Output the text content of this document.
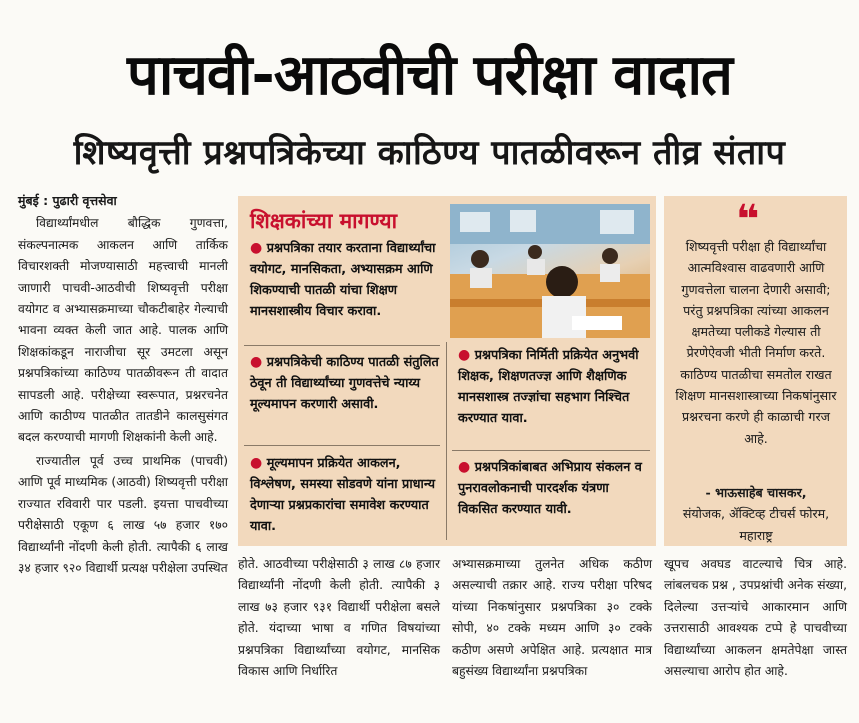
पाचवी-आठवीची परीक्षा वादात
शिष्यवृत्ती प्रश्नपत्रिकेच्या काठिण्य पातळीवरून तीव्र संताप

मुंबई : पुढारी वृत्तसेवा

विद्यार्थ्यांमधील बौद्धिक गुणवत्ता, संकल्पनात्मक आकलन आणि तार्किक विचारशक्ती मोजण्यासाठी महत्त्वाची मानली जाणारी पाचवी-आठवीची शिष्यवृत्ती परीक्षा वयोगट व अभ्यासक्रमाच्या चौकटीबाहेर गेल्याची भावना व्यक्त केली जात आहे. पालक आणि शिक्षकांकडून नाराजीचा सूर उमटला असून प्रश्नपत्रिकांच्या काठिण्य पातळीवरून ती वादात सापडली आहे. परीक्षेच्या स्वरूपात, प्रश्नरचनेत आणि काठीण्य पातळीत तातडीने कालसुसंगत बदल करण्याची मागणी शिक्षकांनी केली आहे.

राज्यातील पूर्व उच्च प्राथमिक (पाचवी) आणि पूर्व माध्यमिक (आठवी) शिष्यवृत्ती परीक्षा राज्यात रविवारी पार पडली. इयत्ता पाचवीच्या परीक्षेसाठी एकूण ६ लाख ५७ हजार १७० विद्यार्थ्यांनी नोंदणी केली होती. त्यापैकी ६ लाख ३४ हजार ९२० विद्यार्थी प्रत्यक्ष परीक्षेला उपस्थित

शिक्षकांच्या मागण्या
● प्रश्नपत्रिका तयार करताना विद्यार्थ्यांचा वयोगट, मानसिकता, अभ्यासक्रम आणि शिकण्याची पातळी यांचा शिक्षण मानसशास्त्रीय विचार करावा.
● प्रश्नपत्रिकेची काठिण्य पातळी संतुलित ठेवून ती विद्यार्थ्यांच्या गुणवत्तेचे न्याय्य मूल्यमापन करणारी असावी.
● मूल्यमापन प्रक्रियेत आकलन, विश्लेषण, समस्या सोडवणे यांना प्राधान्य देणाऱ्या प्रश्नप्रकारांचा समावेश करण्यात यावा.
● प्रश्नपत्रिका निर्मिती प्रक्रियेत अनुभवी शिक्षक, शिक्षणतज्ज्ञ आणि शैक्षणिक मानसशास्त्र तज्ज्ञांचा सहभाग निश्चित करण्यात यावा.
● प्रश्नपत्रिकांबाबत अभिप्राय संकलन व पुनरावलोकनाची पारदर्शक यंत्रणा विकसित करण्यात यावी.
❝
शिष्यवृत्ती परीक्षा ही विद्यार्थ्यांचा आत्मविश्वास वाढवणारी आणि गुणवत्तेला चालना देणारी असावी; परंतु प्रश्नपत्रिका त्यांच्या आकलन क्षमतेच्या पलीकडे गेल्यास ती प्रेरणेऐवजी भीती निर्माण करते. काठिण्य पातळीचा समतोल राखत शिक्षण मानसशास्त्राच्या निकषांनुसार प्रश्नरचना करणे ही काळाची गरज आहे.
- भाऊसाहेब चासकर,
संयोजक, ॲक्टिव्ह टीचर्स फोरम, महाराष्ट्र
होते. आठवीच्या परीक्षेसाठी ३ लाख ८७ हजार विद्यार्थ्यांनी नोंदणी केली होती. त्यापैकी ३ लाख ७३ हजार ९३१ विद्यार्थी परीक्षेला बसले होते. यंदाच्या भाषा व गणित विषयांच्या प्रश्नपत्रिका विद्यार्थ्यांच्या वयोगट, मानसिक विकास आणि निर्धारित
अभ्यासक्रमाच्या तुलनेत अधिक कठीण असल्याची तक्रार आहे. राज्य परीक्षा परिषद यांच्या निकषांनुसार प्रश्नपत्रिका ३० टक्के सोपी, ४० टक्के मध्यम आणि ३० टक्के कठीण असणे अपेक्षित आहे. प्रत्यक्षात मात्र बहुसंख्य विद्यार्थ्यांना प्रश्नपत्रिका
खूपच अवघड वाटल्याचे चित्र आहे. लांबलचक प्रश्न , उपप्रश्नांची अनेक संख्या, दिलेल्या उत्तऱ्यांचे आकारमान आणि उत्तरासाठी आवश्यक टप्पे हे पाचवीच्या विद्यार्थ्यांच्या आकलन क्षमतेपेक्षा जास्त असल्याचा आरोप होत आहे.
